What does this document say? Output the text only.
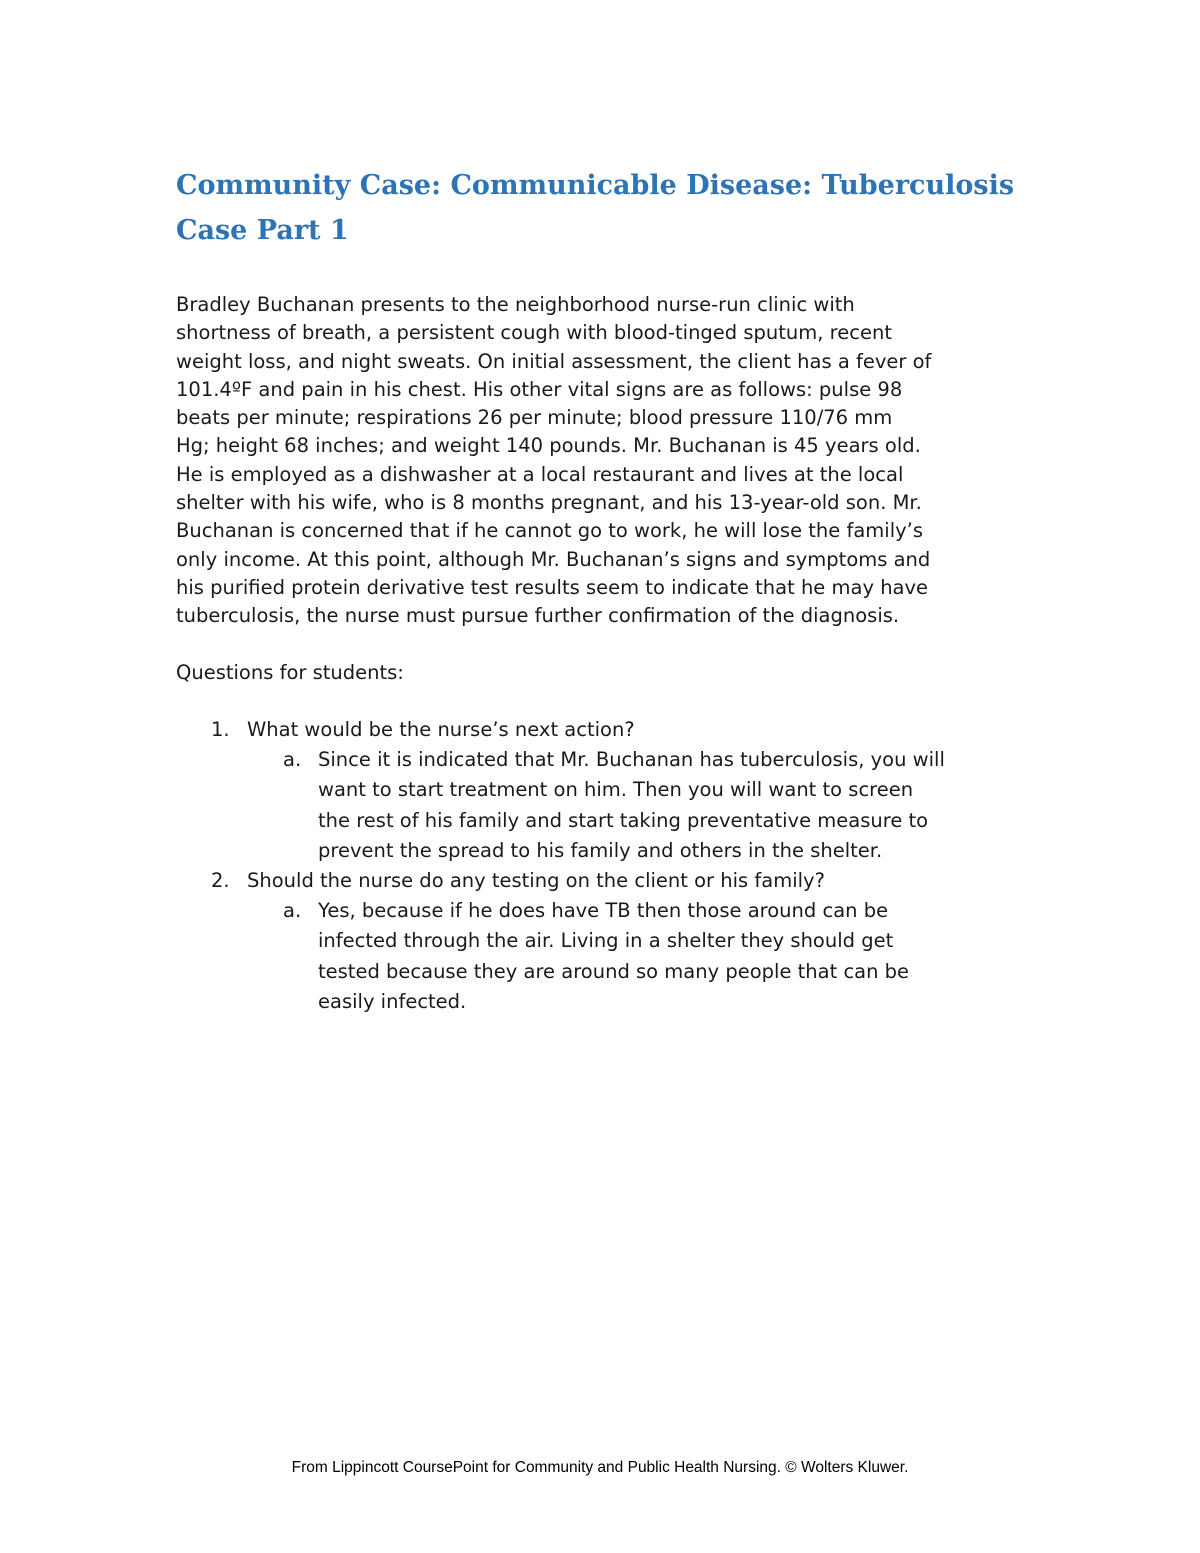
Community Case: Communicable Disease: Tuberculosis
Case Part 1
Bradley Buchanan presents to the neighborhood nurse-run clinic with
shortness of breath, a persistent cough with blood-tinged sputum, recent
weight loss, and night sweats. On initial assessment, the client has a fever of
101.4ºF and pain in his chest. His other vital signs are as follows: pulse 98
beats per minute; respirations 26 per minute; blood pressure 110/76 mm
Hg; height 68 inches; and weight 140 pounds. Mr. Buchanan is 45 years old.
He is employed as a dishwasher at a local restaurant and lives at the local
shelter with his wife, who is 8 months pregnant, and his 13-year-old son. Mr.
Buchanan is concerned that if he cannot go to work, he will lose the family’s
only income. At this point, although Mr. Buchanan’s signs and symptoms and
his purified protein derivative test results seem to indicate that he may have
tuberculosis, the nurse must pursue further confirmation of the diagnosis.
Questions for students:
1. What would be the nurse’s next action?
a. Since it is indicated that Mr. Buchanan has tuberculosis, you will
want to start treatment on him. Then you will want to screen
the rest of his family and start taking preventative measure to
prevent the spread to his family and others in the shelter.
2. Should the nurse do any testing on the client or his family?
a. Yes, because if he does have TB then those around can be
infected through the air. Living in a shelter they should get
tested because they are around so many people that can be
easily infected.
From Lippincott CoursePoint for Community and Public Health Nursing. © Wolters Kluwer.
